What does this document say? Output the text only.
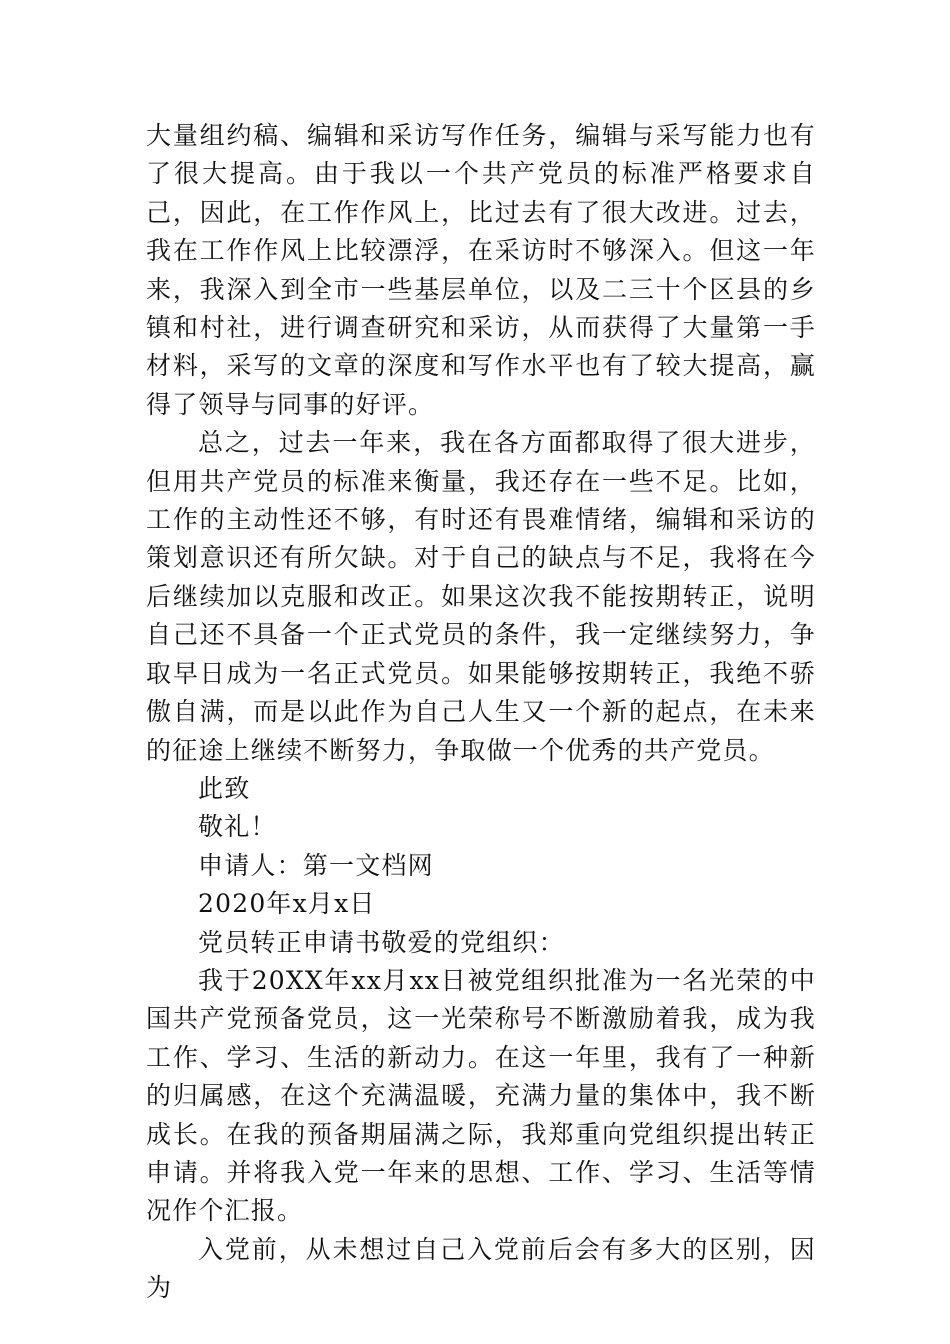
大量组约稿、编辑和采访写作任务，编辑与采写能力也有了很大提高。由于我以一个共产党员的标准严格要求自己，因此，在工作作风上，比过去有了很大改进。过去，我在工作作风上比较漂浮，在采访时不够深入。但这一年来，我深入到全市一些基层单位，以及二三十个区县的乡镇和村社，进行调查研究和采访，从而获得了大量第一手材料，采写的文章的深度和写作水平也有了较大提高，赢得了领导与同事的好评。

总之，过去一年来，我在各方面都取得了很大进步，但用共产党员的标准来衡量，我还存在一些不足。比如，工作的主动性还不够，有时还有畏难情绪，编辑和采访的策划意识还有所欠缺。对于自己的缺点与不足，我将在今后继续加以克服和改正。如果这次我不能按期转正，说明自己还不具备一个正式党员的条件，我一定继续努力，争取早日成为一名正式党员。如果能够按期转正，我绝不骄傲自满，而是以此作为自己人生又一个新的起点，在未来的征途上继续不断努力，争取做一个优秀的共产党员。

此致

敬礼！

申请人：第一文档网

2020年x月x日

党员转正申请书敬爱的党组织：

我于20XX年xx月xx日被党组织批准为一名光荣的中国共产党预备党员，这一光荣称号不断激励着我，成为我工作、学习、生活的新动力。在这一年里，我有了一种新的归属感，在这个充满温暖，充满力量的集体中，我不断成长。在我的预备期届满之际，我郑重向党组织提出转正申请。并将我入党一年来的思想、工作、学习、生活等情况作个汇报。

入党前，从未想过自己入党前后会有多大的区别，因为
